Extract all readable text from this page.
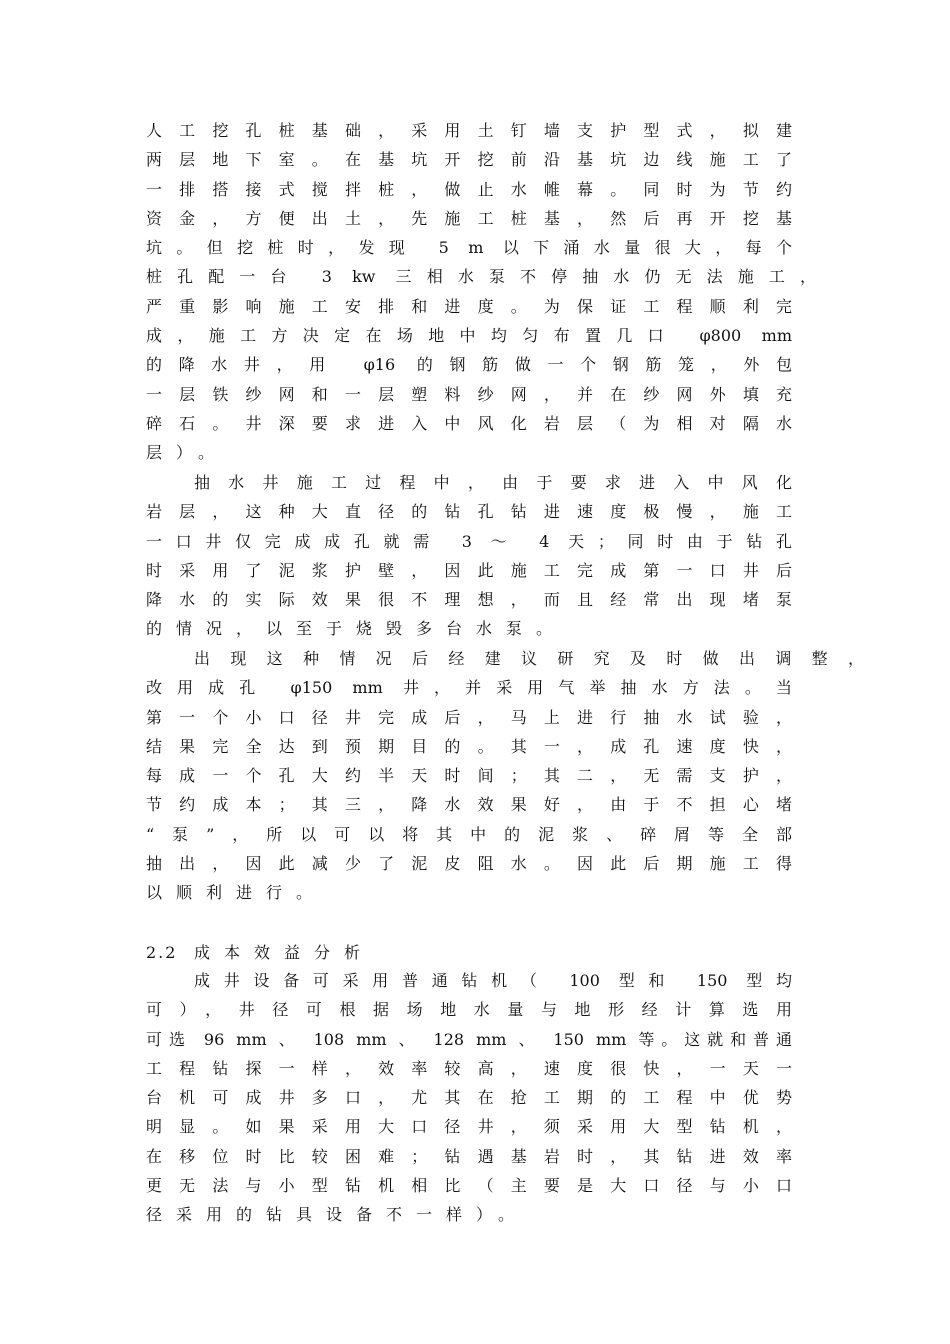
人工挖孔桩基础，采用土钉墙支护型式，拟建
两层地下室。在基坑开挖前沿基坑边线施工了
一排搭接式搅拌桩，做止水帷幕。同时为节约
资金，方便出土，先施工桩基，然后再开挖基
坑。但挖桩时，发现 5 m 以下涌水量很大，每个
桩孔配一台 3 kw 三相水泵不停抽水仍无法施工，
严重影响施工安排和进度。为保证工程顺利完
成，施工方决定在场地中均匀布置几口 φ800 mm
的降水井，用 φ16 的钢筋做一个钢筋笼，外包
一层铁纱网和一层塑料纱网，并在纱网外填充
碎石。井深要求进入中风化岩层（为相对隔水
层）。
抽水井施工过程中，由于要求进入中风化
岩层，这种大直径的钻孔钻进速度极慢，施工
一口井仅完成成孔就需 3 ～ 4 天；同时由于钻孔
时采用了泥浆护壁，因此施工完成第一口井后
降水的实际效果很不理想，而且经常出现堵泵
的情况，以至于烧毁多台水泵。
出现这种情况后经建议研究及时做出调整，
改用成孔 φ150 mm 井，并采用气举抽水方法。当
第一个小口径井完成后，马上进行抽水试验，
结果完全达到预期目的。其一，成孔速度快，
每成一个孔大约半天时间；其二，无需支护，
节约成本；其三，降水效果好，由于不担心堵
“泵”，所以可以将其中的泥浆、碎屑等全部
抽出，因此减少了泥皮阻水。因此后期施工得
以顺利进行。
2.2 成本效益分析
成井设备可采用普通钻机（ 100 型和 150 型均
可），井径可根据场地水量与地形经计算选用
可选 96 mm 、 108 mm 、 128 mm 、 150 mm 等。这就和普通
工程钻探一样，效率较高，速度很快，一天一
台机可成井多口，尤其在抢工期的工程中优势
明显。如果采用大口径井，须采用大型钻机，
在移位时比较困难；钻遇基岩时，其钻进效率
更无法与小型钻机相比（主要是大口径与小口
径采用的钻具设备不一样）。
